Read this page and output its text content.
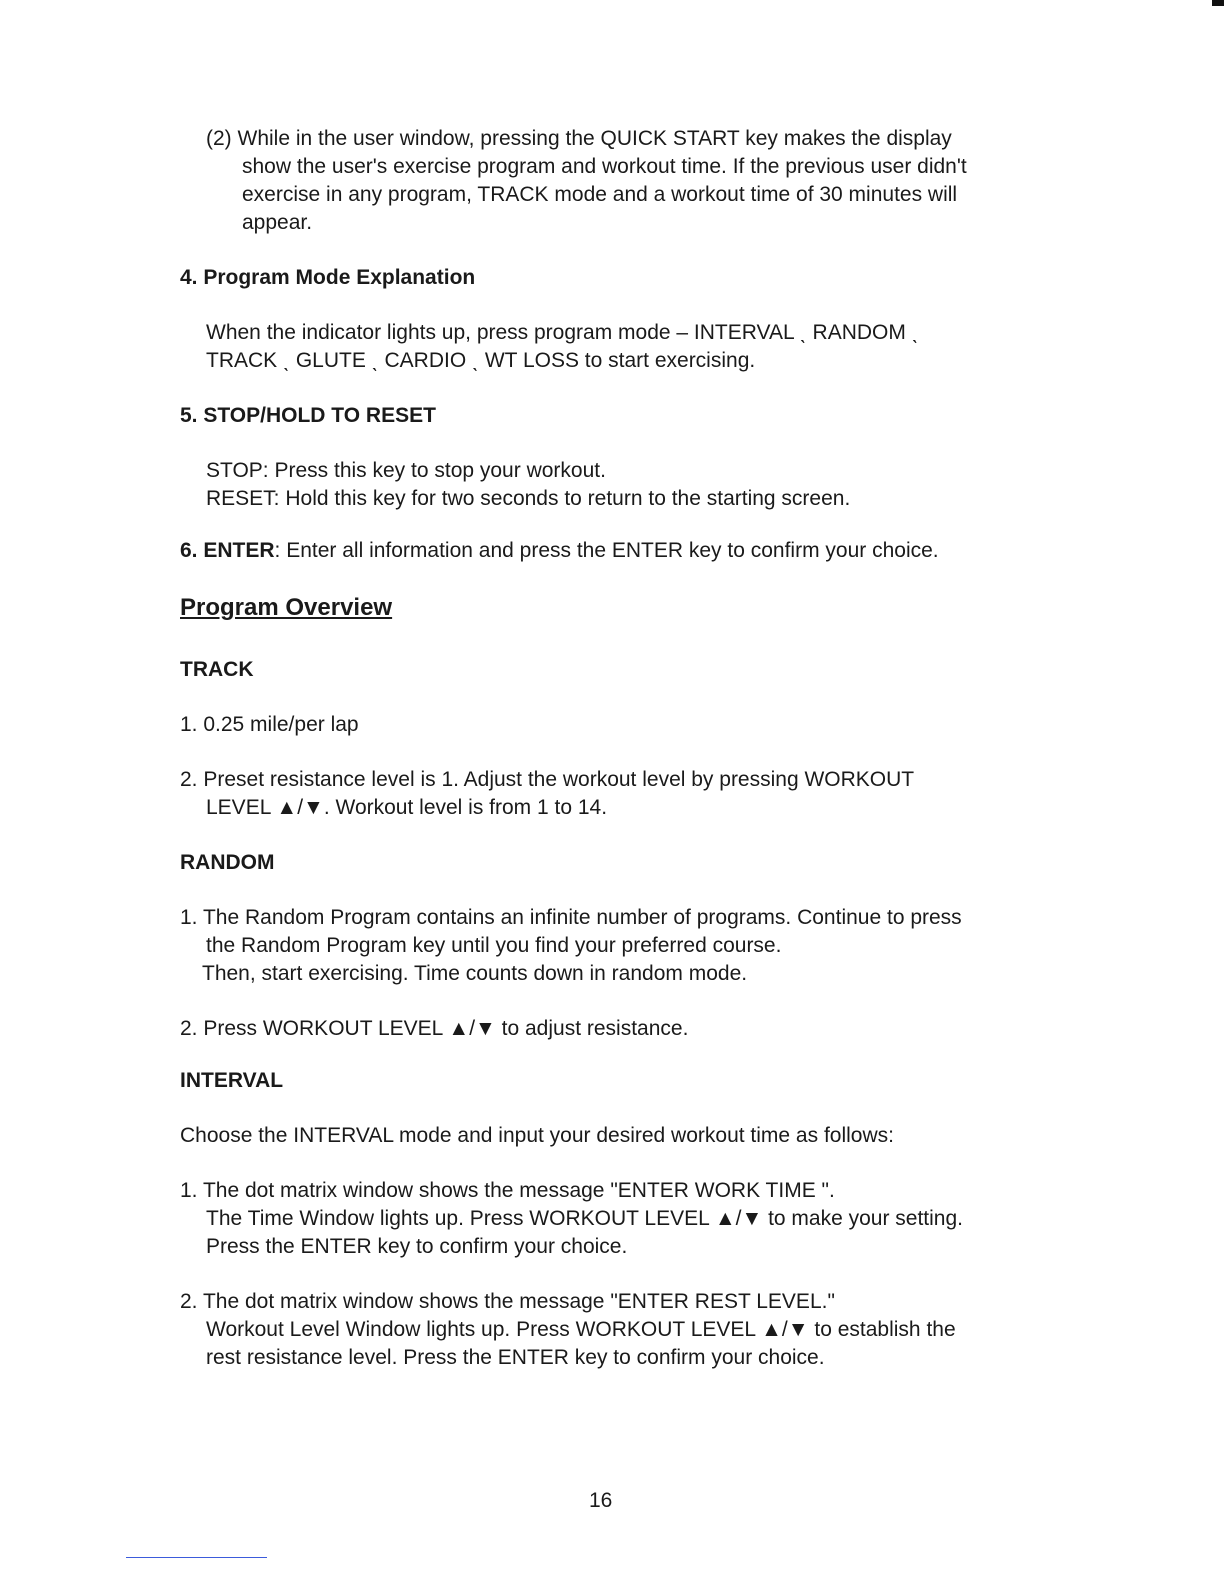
(2) While in the user window, pressing the QUICK START key makes the display
show the user's exercise program and workout time. If the previous user didn't
exercise in any program, TRACK mode and a workout time of 30 minutes will
appear.
4. Program Mode Explanation
When the indicator lights up, press program mode – INTERVAL ˎ RANDOM ˎ
TRACK ˎ GLUTE ˎ CARDIO ˎ WT LOSS to start exercising.
5. STOP/HOLD TO RESET
STOP: Press this key to stop your workout.
RESET: Hold this key for two seconds to return to the starting screen.
6. ENTER: Enter all information and press the ENTER key to confirm your choice.
Program Overview
TRACK
1. 0.25 mile/per lap
2. Preset resistance level is 1. Adjust the workout level by pressing WORKOUT
LEVEL ▲/▼. Workout level is from 1 to 14.
RANDOM
1. The Random Program contains an infinite number of programs. Continue to press
the Random Program key until you find your preferred course.
Then, start exercising. Time counts down in random mode.
2. Press WORKOUT LEVEL ▲/▼ to adjust resistance.
INTERVAL
Choose the INTERVAL mode and input your desired workout time as follows:
1. The dot matrix window shows the message "ENTER WORK TIME ".
The Time Window lights up. Press WORKOUT LEVEL ▲/▼ to make your setting.
Press the ENTER key to confirm your choice.
2. The dot matrix window shows the message "ENTER REST LEVEL."
Workout Level Window lights up. Press WORKOUT LEVEL ▲/▼ to establish the
rest resistance level. Press the ENTER key to confirm your choice.
16
